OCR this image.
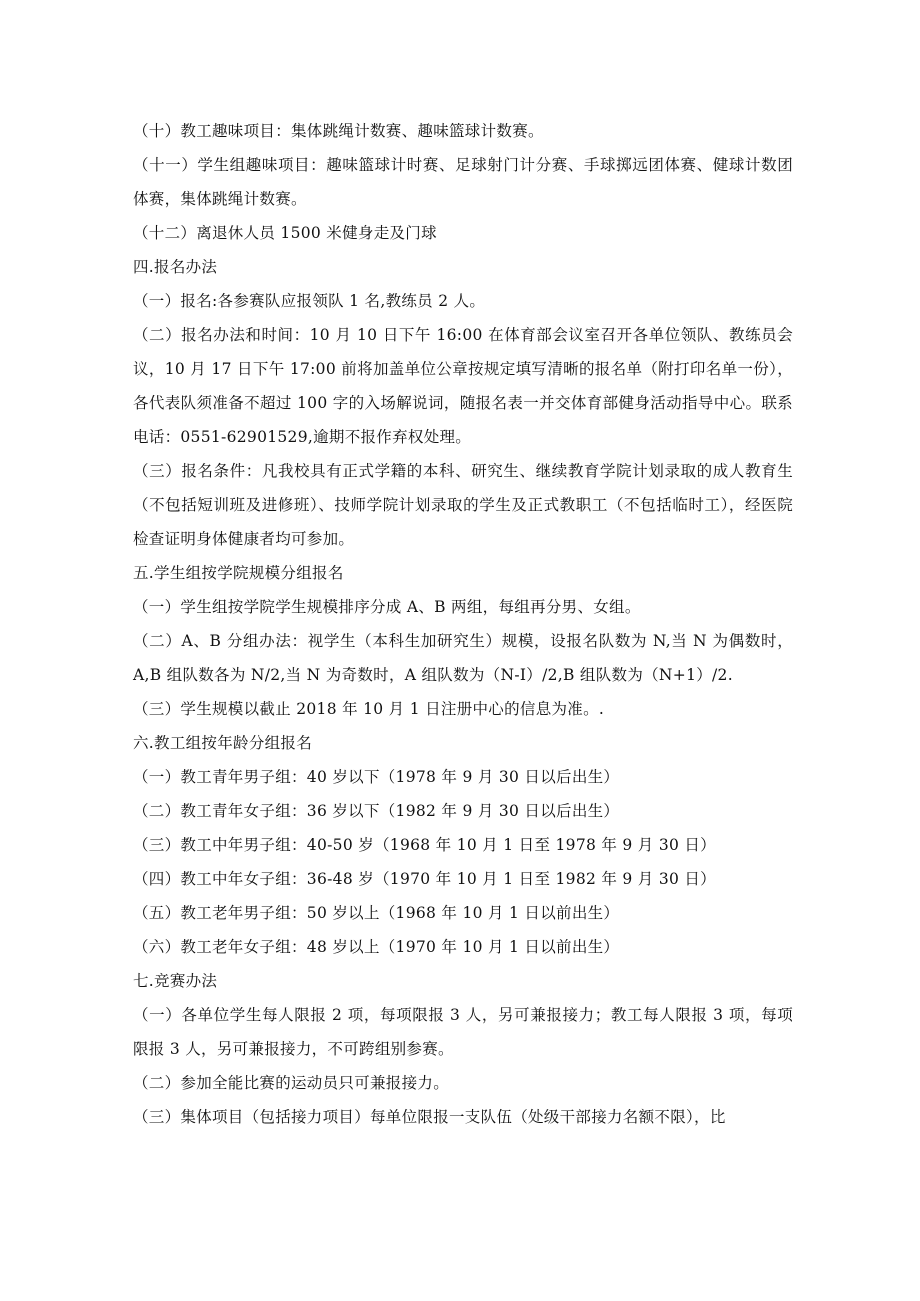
（十）教工趣味项目：集体跳绳计数赛、趣味篮球计数赛。

（十一）学生组趣味项目：趣味篮球计时赛、足球射门计分赛、手球掷远团体赛、健球计数团体赛，集体跳绳计数赛。

（十二）离退休人员 1500 米健身走及门球

四.报名办法

（一）报名:各参赛队应报领队 1 名,教练员 2 人。

（二）报名办法和时间：10 月 10 日下午 16:00 在体育部会议室召开各单位领队、教练员会议，10 月 17 日下午 17:00 前将加盖单位公章按规定填写清晰的报名单（附打印名单一份），各代表队须准备不超过 100 字的入场解说词，随报名表一并交体育部健身活动指导中心。联系电话：0551-62901529,逾期不报作弃权处理。

（三）报名条件：凡我校具有正式学籍的本科、研究生、继续教育学院计划录取的成人教育生（不包括短训班及进修班）、技师学院计划录取的学生及正式教职工（不包括临时工），经医院检查证明身体健康者均可参加。

五.学生组按学院规模分组报名

（一）学生组按学院学生规模排序分成 A、B 两组，每组再分男、女组。

（二）A、B 分组办法：视学生（本科生加研究生）规模，设报名队数为 N,当 N 为偶数时，A,B 组队数各为 N/2,当 N 为奇数时，A 组队数为（N-I）/2,B 组队数为（N+1）/2.

（三）学生规模以截止 2018 年 10 月 1 日注册中心的信息为准。.

六.教工组按年龄分组报名

（一）教工青年男子组：40 岁以下（1978 年 9 月 30 日以后出生）

（二）教工青年女子组：36 岁以下（1982 年 9 月 30 日以后出生）

（三）教工中年男子组：40-50 岁（1968 年 10 月 1 日至 1978 年 9 月 30 日）

（四）教工中年女子组：36-48 岁（1970 年 10 月 1 日至 1982 年 9 月 30 日）

（五）教工老年男子组：50 岁以上（1968 年 10 月 1 日以前出生）

（六）教工老年女子组：48 岁以上（1970 年 10 月 1 日以前出生）

七.竞赛办法

（一）各单位学生每人限报 2 项，每项限报 3 人，另可兼报接力；教工每人限报 3 项，每项限报 3 人，另可兼报接力，不可跨组别参赛。

（二）参加全能比赛的运动员只可兼报接力。

（三）集体项目（包括接力项目）每单位限报一支队伍（处级干部接力名额不限），比
